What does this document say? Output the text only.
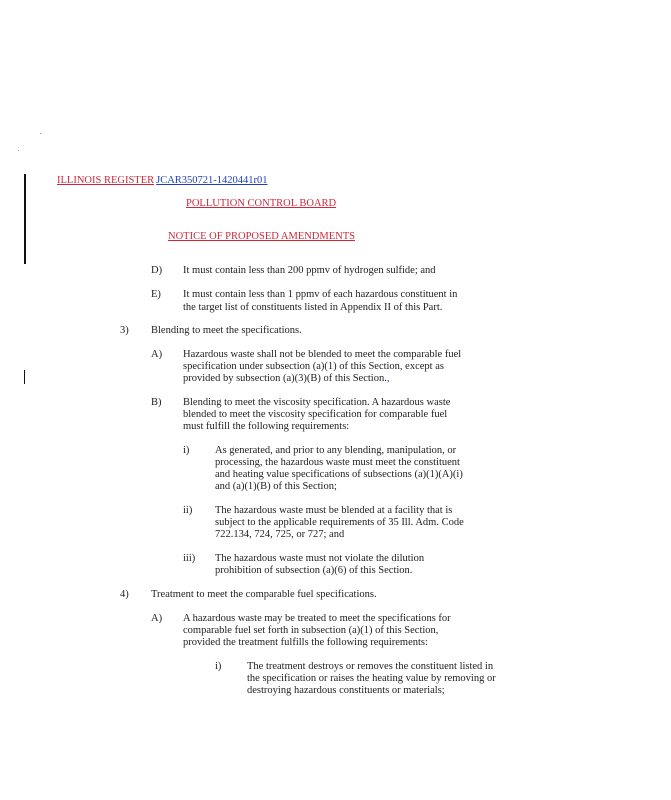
ILLINOIS REGISTER JCAR350721-1420441r01
POLLUTION CONTROL BOARD
NOTICE OF PROPOSED AMENDMENTS
D) It must contain less than 200 ppmv of hydrogen sulfide; and
E) It must contain less than 1 ppmv of each hazardous constituent in
the target list of constituents listed in Appendix II of this Part.
3) Blending to meet the specifications.
A) Hazardous waste shall not be blended to meet the comparable fuel
specification under subsection (a)(1) of this Section, except as
provided by subsection (a)(3)(B) of this Section.,
B) Blending to meet the viscosity specification. A hazardous waste
blended to meet the viscosity specification for comparable fuel
must fulfill the following requirements:
i) As generated, and prior to any blending, manipulation, or
processing, the hazardous waste must meet the constituent
and heating value specifications of subsections (a)(1)(A)(i)
and (a)(1)(B) of this Section;
ii) The hazardous waste must be blended at a facility that is
subject to the applicable requirements of 35 Ill. Adm. Code
722.134, 724, 725, or 727; and
iii) The hazardous waste must not violate the dilution
prohibition of subsection (a)(6) of this Section.
4) Treatment to meet the comparable fuel specifications.
A) A hazardous waste may be treated to meet the specifications for
comparable fuel set forth in subsection (a)(1) of this Section,
provided the treatment fulfills the following requirements:
i) The treatment destroys or removes the constituent listed in
the specification or raises the heating value by removing or
destroying hazardous constituents or materials;
